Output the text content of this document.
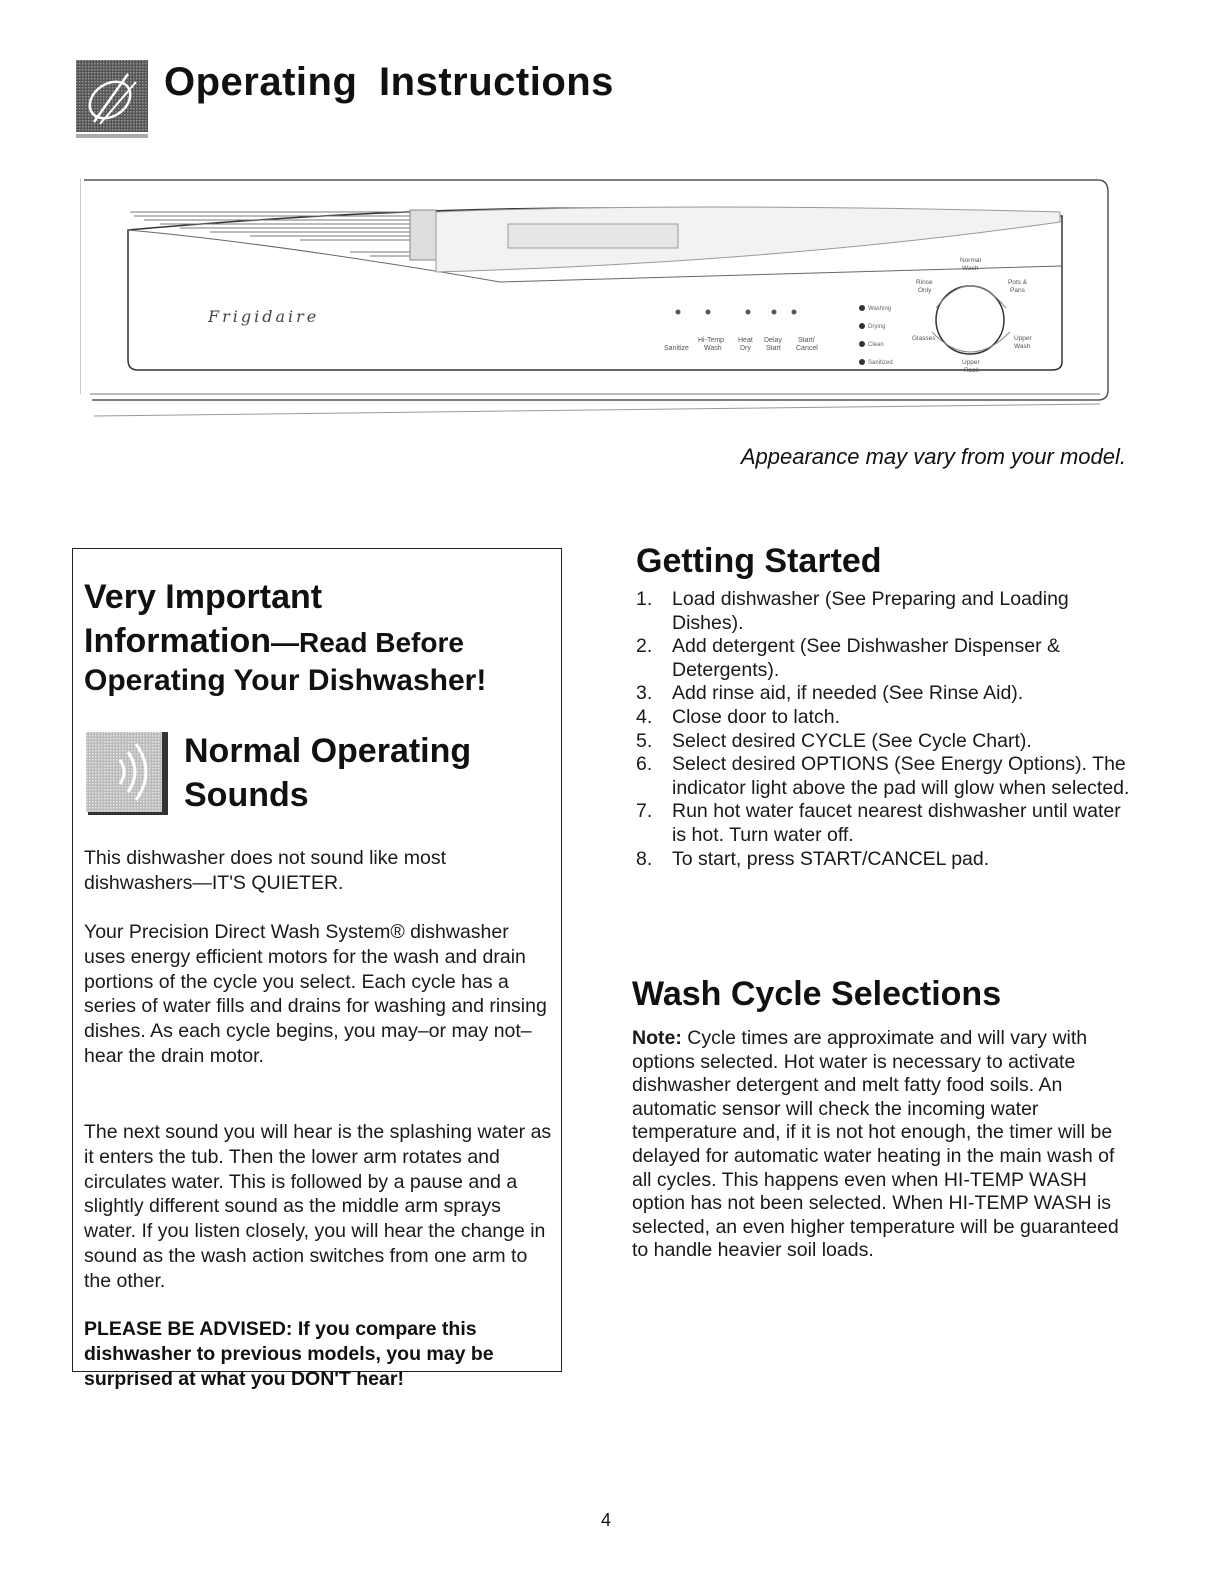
Operating Instructions
Frigidaire
Sanitize
Hi-Temp
Wash
Heat
Dry
Delay
Start
Start/
Cancel
Washing
Drying
Clean
Sanitized
Normal
Wash
Rinse
Only
Pots &
Pans
Glasses	Upper
Wash
Upper
Rack
Appearance may vary from your model.
Very Important
Information—Read Before
Operating Your Dishwasher!
Normal Operating
Sounds
This dishwasher does not sound like most dishwashers—IT'S QUIETER.
Your Precision Direct Wash System® dishwasher uses energy efficient motors for the wash and drain portions of the cycle you select. Each cycle has a series of water fills and drains for washing and rinsing dishes. As each cycle begins, you may–or may not–hear the drain motor.
The next sound you will hear is the splashing water as it enters the tub. Then the lower arm rotates and circulates water. This is followed by a pause and a slightly different sound as the middle arm sprays water. If you listen closely, you will hear the change in sound as the wash action switches from one arm to the other.
PLEASE BE ADVISED: If you compare this dishwasher to previous models, you may be surprised at what you DON'T hear!
Getting Started
1. Load dishwasher (See Preparing and Loading Dishes).
2. Add detergent (See Dishwasher Dispenser & Detergents).
3. Add rinse aid, if needed (See Rinse Aid).
4. Close door to latch.
5. Select desired CYCLE (See Cycle Chart).
6. Select desired OPTIONS (See Energy Options). The indicator light above the pad will glow when selected.
7. Run hot water faucet nearest dishwasher until water is hot. Turn water off.
8. To start, press START/CANCEL pad.
Wash Cycle Selections
Note: Cycle times are approximate and will vary with options selected. Hot water is necessary to activate dishwasher detergent and melt fatty food soils. An automatic sensor will check the incoming water temperature and, if it is not hot enough, the timer will be delayed for automatic water heating in the main wash of all cycles. This happens even when HI-TEMP WASH option has not been selected. When HI-TEMP WASH is selected, an even higher temperature will be guaranteed to handle heavier soil loads.
4
